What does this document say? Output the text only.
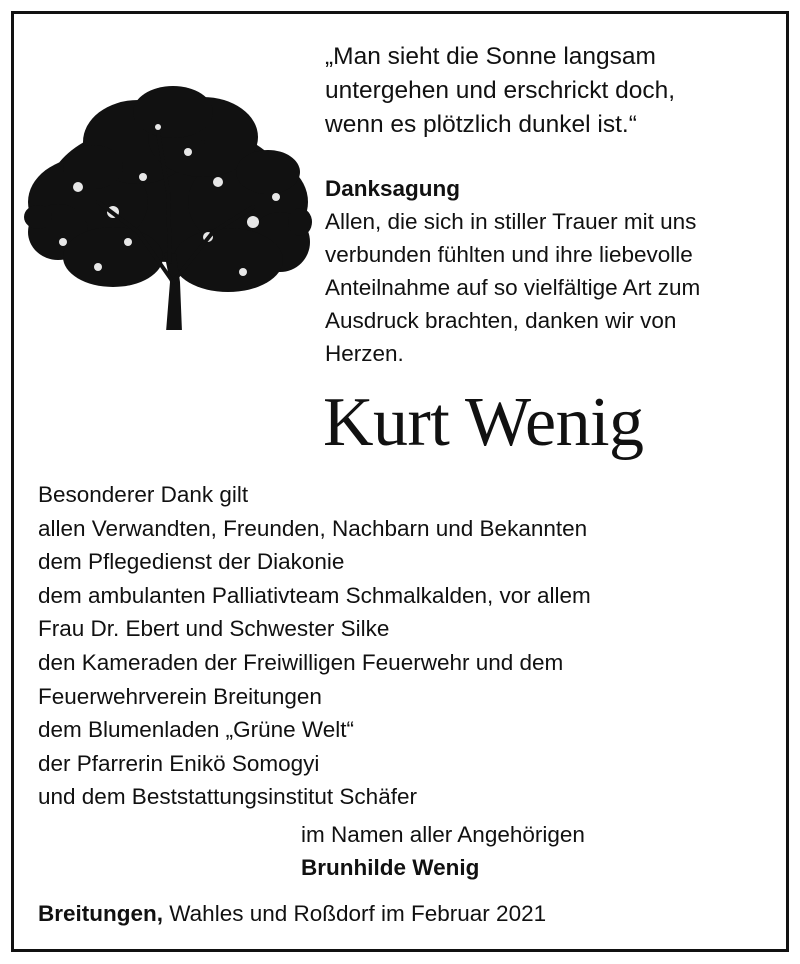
„Man sieht die Sonne langsam
untergehen und erschrickt doch,
wenn es plötzlich dunkel ist.“

Danksagung
Allen, die sich in stiller Trauer mit uns
verbunden fühlten und ihre liebevolle
Anteilnahme auf so vielfältige Art zum
Ausdruck brachten, danken wir von
Herzen.
Kurt Wenig
Besonderer Dank gilt
allen Verwandten, Freunden, Nachbarn und Bekannten
dem Pflegedienst der Diakonie
dem ambulanten Palliativteam Schmalkalden, vor allem
Frau Dr. Ebert und Schwester Silke
den Kameraden der Freiwilligen Feuerwehr und dem
Feuerwehrverein Breitungen
dem Blumenladen „Grüne Welt“
der Pfarrerin Enikö Somogyi
und dem Beststattungsinstitut Schäfer
im Namen aller Angehörigen
Brunhilde Wenig
Breitungen, Wahles und Roßdorf im Februar 2021
